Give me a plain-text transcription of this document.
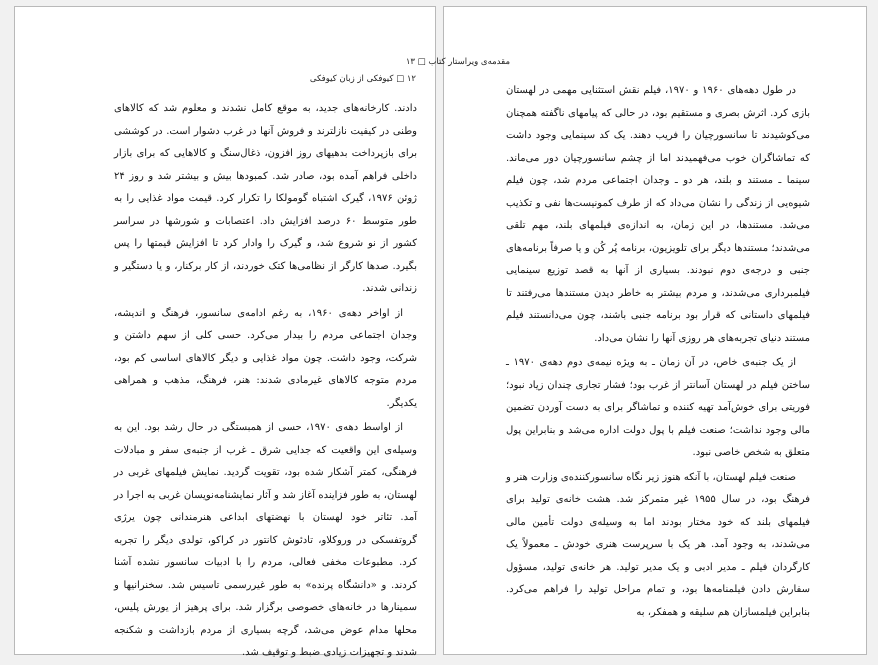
۱۲ □ کیوفکی از زبان کیوفکی

دادند. کارخانه‌های جدید، به موقع کامل نشدند و معلوم شد که کالاهای وطنی در کیفیت نازلترند و فروش آنها در غرب دشوار است. در کوششی برای بازپرداخت بدهیهای روز افزون، ذغال‌سنگ و کالاهایی که برای بازار داخلی فراهم آمده بود، صادر شد. کمبودها بیش و بیشتر شد و روز ۲۴ ژوئن ۱۹۷۶، گیرک اشتباه گومولکا را تکرار کرد. قیمت مواد غذایی را به طور متوسط ۶۰ درصد افزایش داد. اعتصابات و شورشها در سراسر کشور از نو شروع شد، و گیرک را وادار کرد تا افزایش قیمتها را پس بگیرد. صدها کارگر از نظامی‌ها کتک خوردند، از کار برکنار، و یا دستگیر و زندانی شدند.

از اواخر دهه‌ی ۱۹۶۰، به رغم ادامه‌ی سانسور، فرهنگ و اندیشه، وجدان اجتماعی مردم را بیدار می‌کرد. حسی کلی از سهم داشتن و شرکت، وجود داشت. چون مواد غذایی و دیگر کالاهای اساسی کم بود، مردم متوجه کالاهای غیرمادی شدند: هنر، فرهنگ، مذهب و همراهی یکدیگر.

از اواسط دهه‌ی ۱۹۷۰، حسی از همبستگی در حال رشد بود. این به وسیله‌ی این واقعیت که جدایی شرق ـ غرب از جنبه‌ی سفر و مبادلات فرهنگی، کمتر آشکار شده بود، تقویت گردید. نمایش فیلمهای غربی در لهستان، به طور فزاینده آغاز شد و آثار نمایشنامه‌نویسان غربی به اجرا در آمد. تئاتر خود لهستان با نهضتهای ابداعی هنرمندانی چون یرژی گروتفسکی در وروکلاو، تادئوش کانتور در کراکو، تولدی دیگر را تجربه کرد. مطبوعات مخفی فعالی، مردم را با ادبیات سانسور نشده آشنا کردند. و «دانشگاه پرنده» به طور غیررسمی تاسیس شد. سخنرانیها و سمینارها در خانه‌های خصوصی برگزار شد. برای پرهیز از یورش پلیس، محلها مدام عوض می‌شد، گرچه بسیاری از مردم بازداشت و شکنجه شدند و تجهیزات زیادی ضبط و توقیف شد.

مقدمه‌ی ویراستار کتاب □ ۱۳

در طول دهه‌های ۱۹۶۰ و ۱۹۷۰، فیلم نقش استثنایی مهمی در لهستان بازی کرد. اثرش بصری و مستقیم بود، در حالی که پیامهای ناگفته همچنان می‌کوشیدند تا سانسورچیان را فریب دهند. یک کد سینمایی وجود داشت که تماشاگران خوب می‌فهمیدند اما از چشم سانسورچیان دور می‌ماند. سینما ـ مستند و بلند، هر دو ـ وجدان اجتماعی مردم شد، چون فیلم شیوه‌یی از زندگی را نشان می‌داد که از طرف کمونیست‌ها نفی و تکذیب می‌شد. مستندها، در این زمان، به اندازه‌ی فیلمهای بلند، مهم تلقی می‌شدند؛ مستندها دیگر برای تلویزیون، برنامه پُر کُن و یا صرفاً برنامه‌های جنبی و درجه‌ی دوم نبودند. بسیاری از آنها به قصد توزیع سینمایی فیلمبرداری می‌شدند، و مردم بیشتر به خاطر دیدن مستندها می‌رفتند تا فیلمهای داستانی که قرار بود برنامه جنبی باشند، چون می‌دانستند فیلم مستند دنیای تجربه‌های هر روزی آنها را نشان می‌داد.

از یک جنبه‌ی خاص، در آن زمان ـ به ویژه نیمه‌ی دوم دهه‌ی ۱۹۷۰ ـ ساختن فیلم در لهستان آسانتر از غرب بود؛ فشار تجاری چندان زیاد نبود؛ فوریتی برای خوش‌آمد تهیه کننده و تماشاگر برای به دست آوردن تضمین مالی وجود نداشت؛ صنعت فیلم با پول دولت اداره می‌شد و بنابراین پول متعلق به شخص خاصی نبود.

صنعت فیلم لهستان، با آنکه هنوز زیر نگاه سانسورکننده‌ی وزارت هنر و فرهنگ بود، در سال ۱۹۵۵ غیر متمرکز شد. هشت خانه‌ی تولید برای فیلمهای بلند که خود مختار بودند اما به وسیله‌ی دولت تأمین مالی می‌شدند، به وجود آمد. هر یک با سرپرست هنری خودش ـ معمولاً یک کارگردان فیلم ـ مدیر ادبی و یک مدیر تولید. هر خانه‌ی تولید، مسؤول سفارش دادن فیلمنامه‌ها بود، و تمام مراحل تولید را فراهم می‌کرد. بنابراین فیلمسازان هم سلیقه و همفکر، به
